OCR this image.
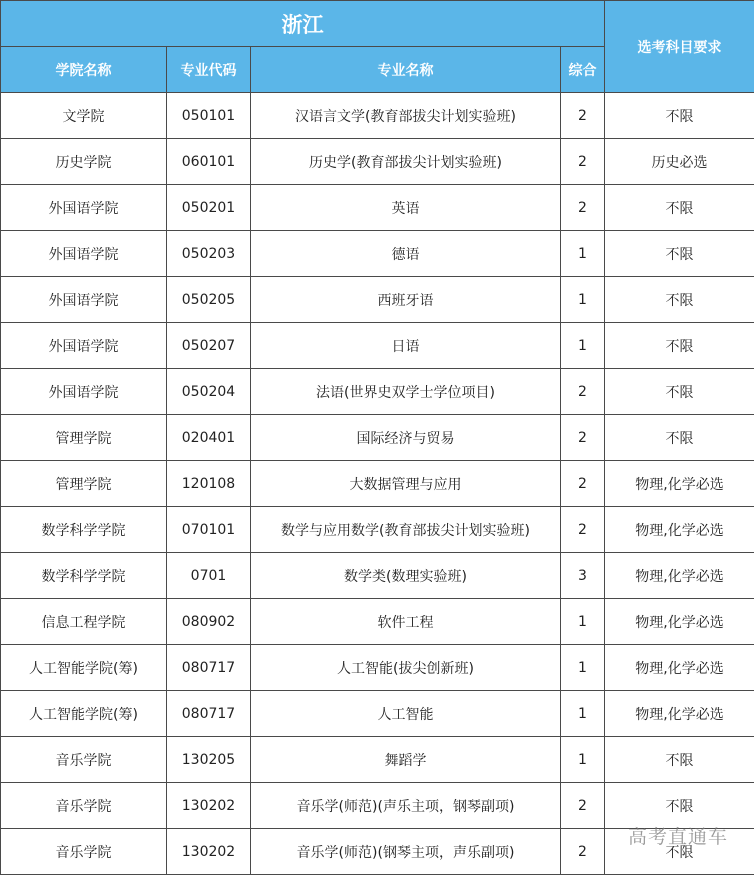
浙江				选考科目要求
学院名称	专业代码	专业名称	综合	
文学院	050101	汉语言文学(教育部拔尖计划实验班)	2	不限
历史学院	060101	历史学(教育部拔尖计划实验班)	2	历史必选
外国语学院	050201	英语	2	不限
外国语学院	050203	德语	1	不限
外国语学院	050205	西班牙语	1	不限
外国语学院	050207	日语	1	不限
外国语学院	050204	法语(世界史双学士学位项目)	2	不限
管理学院	020401	国际经济与贸易	2	不限
管理学院	120108	大数据管理与应用	2	物理,化学必选
数学科学学院	070101	数学与应用数学(教育部拔尖计划实验班)	2	物理,化学必选
数学科学学院	0701	数学类(数理实验班)	3	物理,化学必选
信息工程学院	080902	软件工程	1	物理,化学必选
人工智能学院(筹)	080717	人工智能(拔尖创新班)	1	物理,化学必选
人工智能学院(筹)	080717	人工智能	1	物理,化学必选
音乐学院	130205	舞蹈学	1	不限
音乐学院	130202	音乐学(师范)(声乐主项，钢琴副项)	2	不限
音乐学院	130202	音乐学(师范)(钢琴主项，声乐副项)	2	不限
高考直通车
